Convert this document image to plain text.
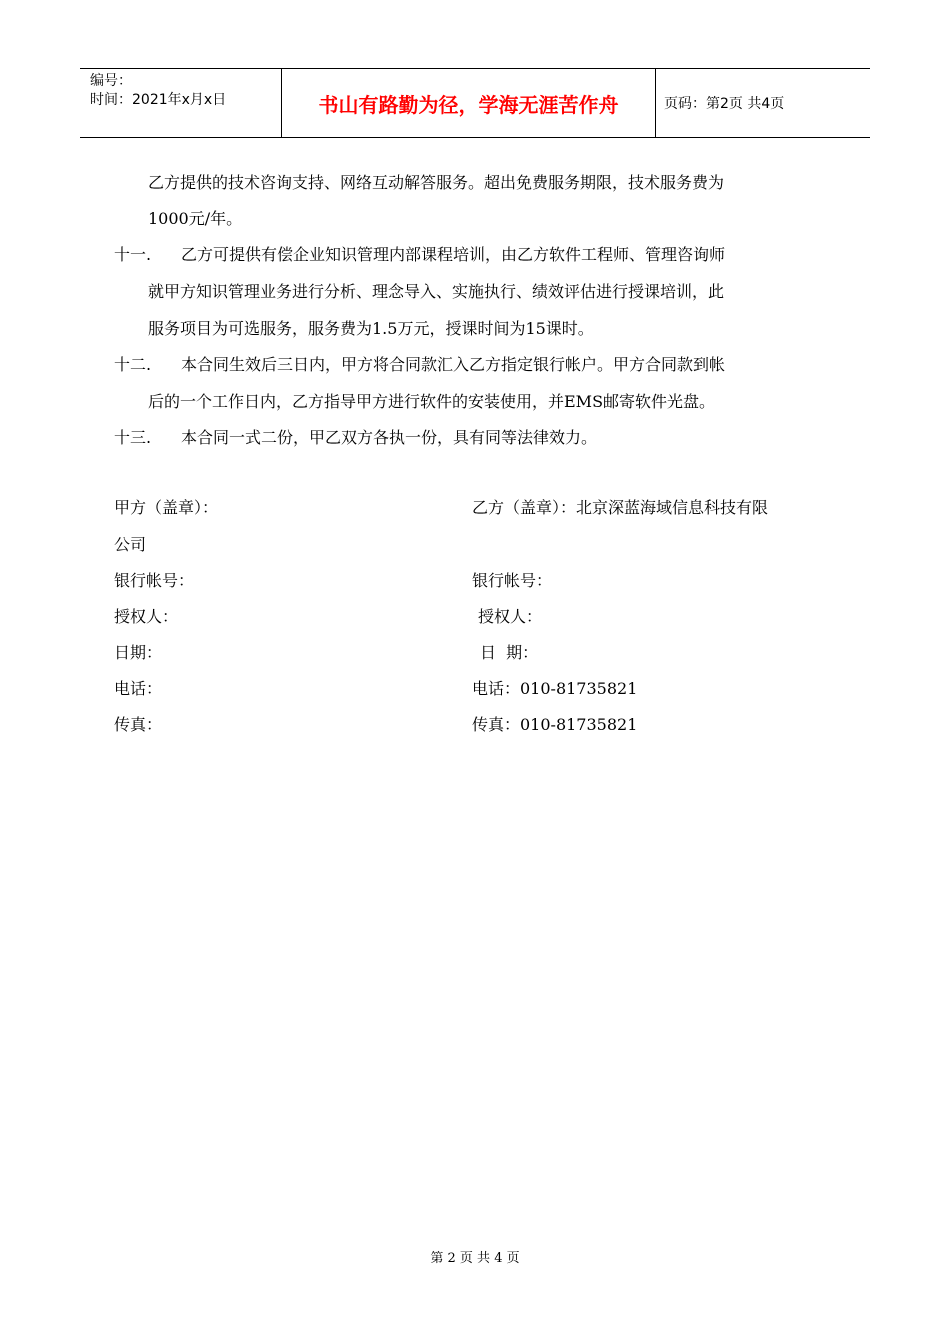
编号：
时间：2021年x月x日	书山有路勤为径，学海无涯苦作舟	页码：第2页 共4页
乙方提供的技术咨询支持、网络互动解答服务。超出免费服务期限，技术服务费为
1000元/年。
十一. 乙方可提供有偿企业知识管理内部课程培训，由乙方软件工程师、管理咨询师
就甲方知识管理业务进行分析、理念导入、实施执行、绩效评估进行授课培训，此
服务项目为可选服务，服务费为1.5万元，授课时间为15课时。
十二. 本合同生效后三日内，甲方将合同款汇入乙方指定银行帐户。甲方合同款到帐
后的一个工作日内，乙方指导甲方进行软件的安装使用，并EMS邮寄软件光盘。
十三. 本合同一式二份，甲乙双方各执一份，具有同等法律效力。
甲方（盖章）：	乙方（盖章）：北京深蓝海域信息科技有限
公司
银行帐号：	银行帐号：
授权人：	授权人：
日期：	日  期：
电话：	电话：010-81735821
传真：	传真：010-81735821
第 2 页 共 4 页
